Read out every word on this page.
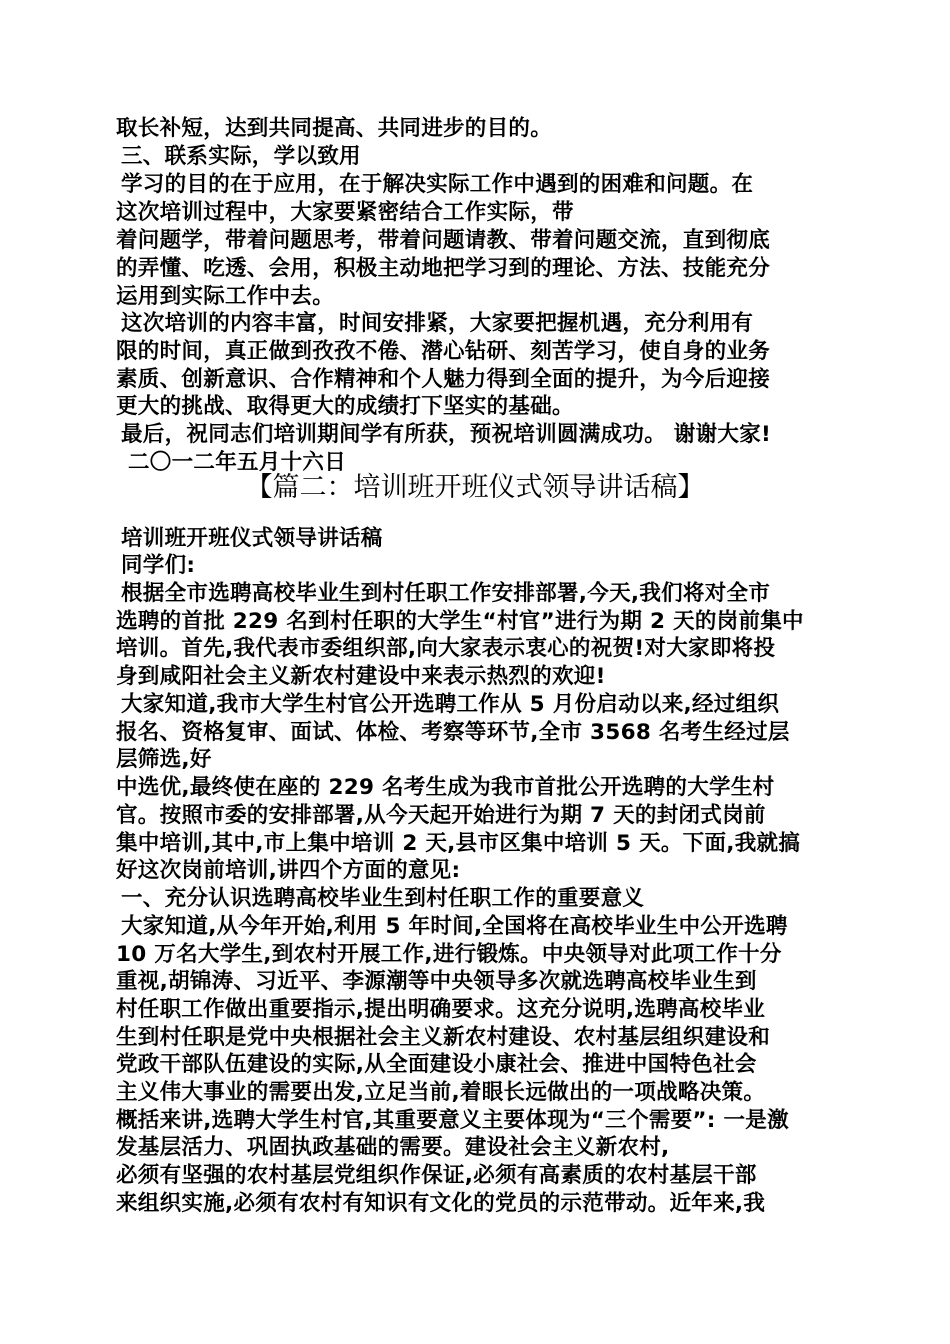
取长补短，达到共同提高、共同进步的目的。

三、联系实际，学以致用

学习的目的在于应用，在于解决实际工作中遇到的困难和问题。在

这次培训过程中，大家要紧密结合工作实际，带

着问题学，带着问题思考，带着问题请教、带着问题交流，直到彻底

的弄懂、吃透、会用，积极主动地把学习到的理论、方法、技能充分

运用到实际工作中去。

这次培训的内容丰富，时间安排紧，大家要把握机遇，充分利用有

限的时间，真正做到孜孜不倦、潜心钻研、刻苦学习，使自身的业务

素质、创新意识、合作精神和个人魅力得到全面的提升，为今后迎接

更大的挑战、取得更大的成绩打下坚实的基础。

最后，祝同志们培训期间学有所获，预祝培训圆满成功。 谢谢大家!

二〇一二年五月十六日

【篇二：培训班开班仪式领导讲话稿】

培训班开班仪式领导讲话稿

同学们:

根据全市选聘高校毕业生到村任职工作安排部署,今天,我们将对全市

选聘的首批 229 名到村任职的大学生“村官”进行为期 2 天的岗前集中

培训。首先,我代表市委组织部,向大家表示衷心的祝贺!对大家即将投

身到咸阳社会主义新农村建设中来表示热烈的欢迎!

大家知道,我市大学生村官公开选聘工作从 5 月份启动以来,经过组织

报名、资格复审、面试、体检、考察等环节,全市 3568 名考生经过层

层筛选,好

中选优,最终使在座的 229 名考生成为我市首批公开选聘的大学生村

官。按照市委的安排部署,从今天起开始进行为期 7 天的封闭式岗前

集中培训,其中,市上集中培训 2 天,县市区集中培训 5 天。下面,我就搞

好这次岗前培训,讲四个方面的意见:

一、充分认识选聘高校毕业生到村任职工作的重要意义

大家知道,从今年开始,利用 5 年时间,全国将在高校毕业生中公开选聘

10 万名大学生,到农村开展工作,进行锻炼。中央领导对此项工作十分

重视,胡锦涛、习近平、李源潮等中央领导多次就选聘高校毕业生到

村任职工作做出重要指示,提出明确要求。这充分说明,选聘高校毕业

生到村任职是党中央根据社会主义新农村建设、农村基层组织建设和

党政干部队伍建设的实际,从全面建设小康社会、推进中国特色社会

主义伟大事业的需要出发,立足当前,着眼长远做出的一项战略决策。

概括来讲,选聘大学生村官,其重要意义主要体现为“三个需要”: 一是激

发基层活力、巩固执政基础的需要。建设社会主义新农村,

必须有坚强的农村基层党组织作保证,必须有高素质的农村基层干部

来组织实施,必须有农村有知识有文化的党员的示范带动。近年来,我
